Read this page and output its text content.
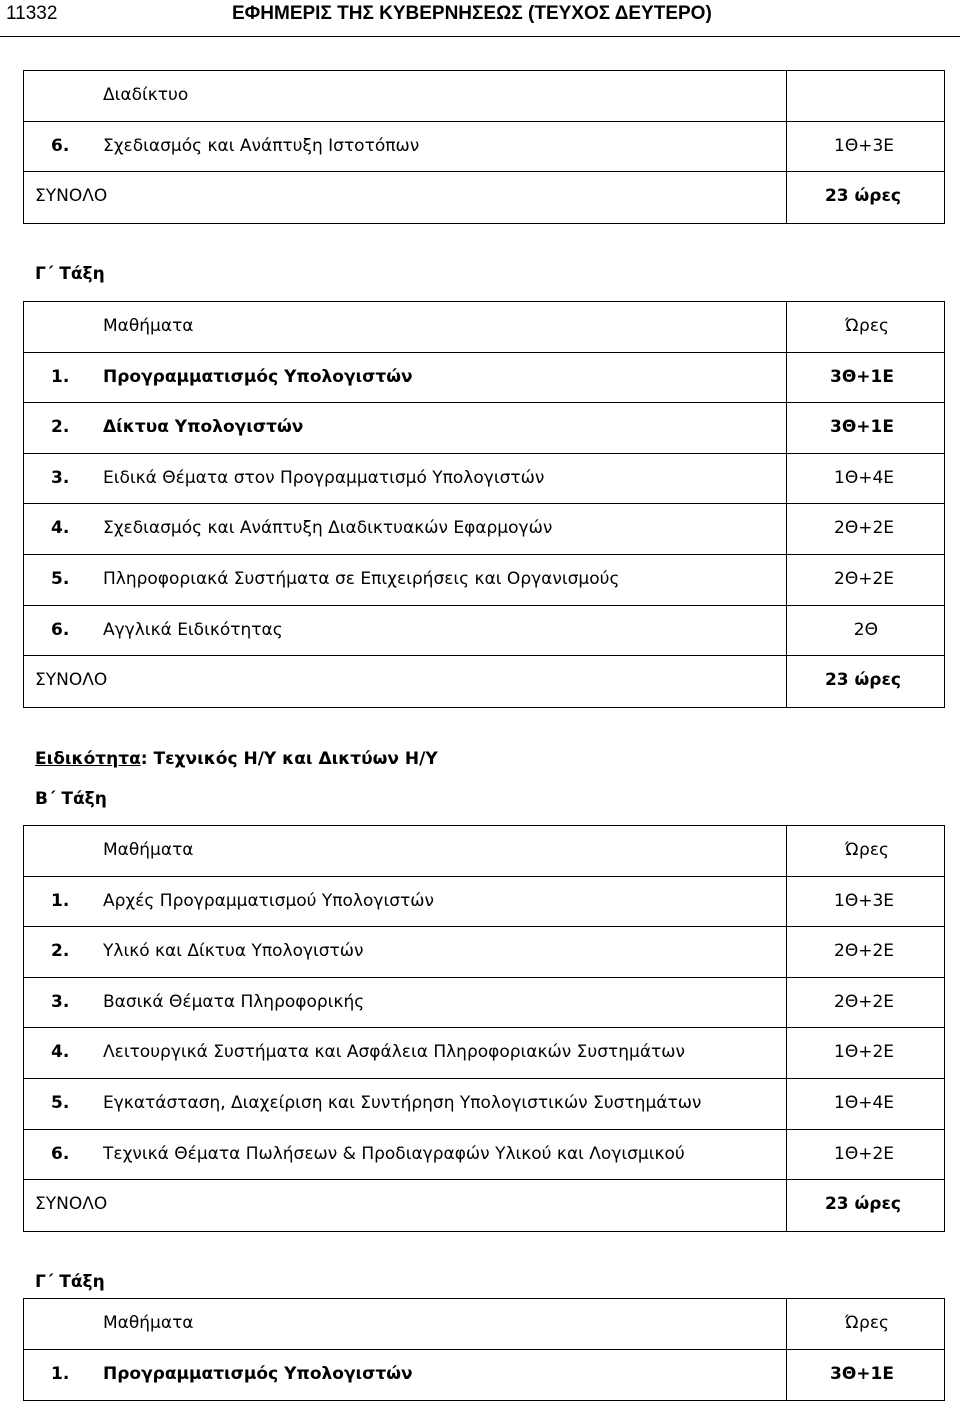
11332	ΕΦΗΜΕΡΙΣ ΤΗΣ ΚΥΒΕΡΝΗΣΕΩΣ (ΤΕΥΧΟΣ ΔΕΥΤΕΡΟ)
Διαδίκτυο
6. Σχεδιασμός και Ανάπτυξη Ιστοτόπων	1Θ+3Ε
ΣΥΝΟΛΟ	23 ώρες
Γ΄ Τάξη
Μαθήματα	Ώρες
1. Προγραμματισμός Υπολογιστών	3Θ+1Ε
2. Δίκτυα Υπολογιστών	3Θ+1Ε
3. Ειδικά Θέματα στον Προγραμματισμό Υπολογιστών	1Θ+4Ε
4. Σχεδιασμός και Ανάπτυξη Διαδικτυακών Εφαρμογών	2Θ+2Ε
5. Πληροφοριακά Συστήματα σε Επιχειρήσεις και Οργανισμούς	2Θ+2Ε
6. Αγγλικά Ειδικότητας	2Θ
ΣΥΝΟΛΟ	23 ώρες
Ειδικότητα: Τεχνικός Η/Υ και Δικτύων Η/Υ
Β΄ Τάξη
Μαθήματα	Ώρες
1. Αρχές Προγραμματισμού Υπολογιστών	1Θ+3Ε
2. Υλικό και Δίκτυα Υπολογιστών	2Θ+2Ε
3. Βασικά Θέματα Πληροφορικής	2Θ+2Ε
4. Λειτουργικά Συστήματα και Ασφάλεια Πληροφοριακών Συστημάτων	1Θ+2Ε
5. Εγκατάσταση, Διαχείριση και Συντήρηση Υπολογιστικών Συστημάτων	1Θ+4Ε
6. Τεχνικά Θέματα Πωλήσεων & Προδιαγραφών Υλικού και Λογισμικού	1Θ+2Ε
ΣΥΝΟΛΟ	23 ώρες
Γ΄ Τάξη
Μαθήματα	Ώρες
1. Προγραμματισμός Υπολογιστών	3Θ+1Ε
